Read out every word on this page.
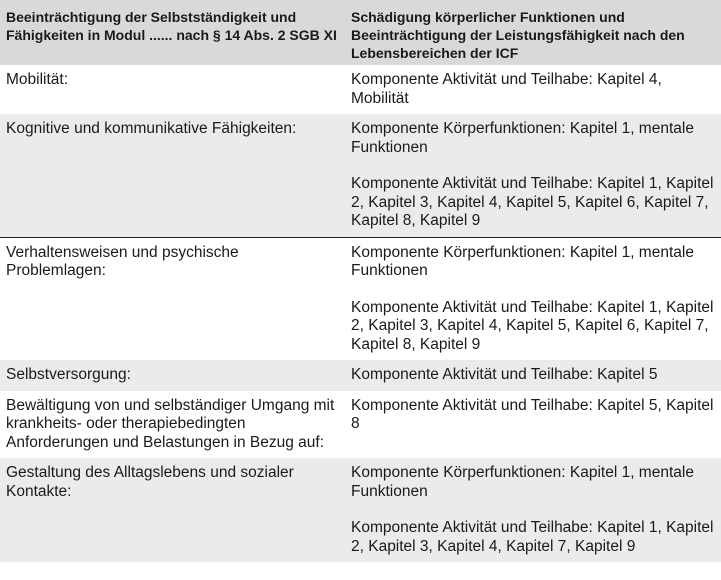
Beeinträchtigung der Selbstständigkeit und Fähigkeiten in Modul ...... nach § 14 Abs. 2 SGB XI	Schädigung körperlicher Funktionen und Beeinträchtigung der Leistungsfähigkeit nach den Lebensbereichen der ICF
Mobilität:	Komponente Aktivität und Teilhabe: Kapitel 4, Mobilität

Kognitive und kommunikative Fähigkeiten:	Komponente Körperfunktionen: Kapitel 1, mentale Funktionen

Komponente Aktivität und Teilhabe: Kapitel 1, Kapitel 2, Kapitel 3, Kapitel 4, Kapitel 5, Kapitel 6, Kapitel 7, Kapitel 8, Kapitel 9

Verhaltensweisen und psychische Problemlagen:	Komponente Körperfunktionen: Kapitel 1, mentale Funktionen

Komponente Aktivität und Teilhabe: Kapitel 1, Kapitel 2, Kapitel 3, Kapitel 4, Kapitel 5, Kapitel 6, Kapitel 7, Kapitel 8, Kapitel 9

Selbstversorgung:	Komponente Aktivität und Teilhabe: Kapitel 5

Bewältigung von und selbständiger Umgang mit krankheits- oder therapiebedingten Anforderungen und Belastungen in Bezug auf:	Komponente Aktivität und Teilhabe: Kapitel 5, Kapitel 8

Gestaltung des Alltagslebens und sozialer Kontakte:	Komponente Körperfunktionen: Kapitel 1, mentale Funktionen

Komponente Aktivität und Teilhabe: Kapitel 1, Kapitel 2, Kapitel 3, Kapitel 4, Kapitel 7, Kapitel 9
